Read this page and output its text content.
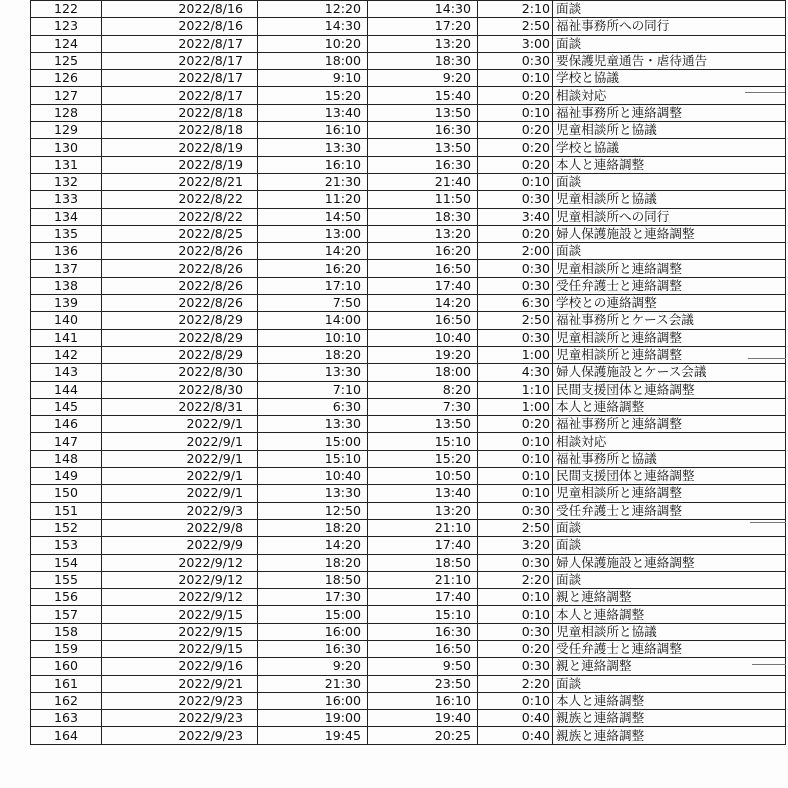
122	2022/8/16	12:20	14:30	2:10	面談
123	2022/8/16	14:30	17:20	2:50	福祉事務所への同行
124	2022/8/17	10:20	13:20	3:00	面談
125	2022/8/17	18:00	18:30	0:30	要保護児童通告・虐待通告
126	2022/8/17	9:10	9:20	0:10	学校と協議
127	2022/8/17	15:20	15:40	0:20	相談対応
128	2022/8/18	13:40	13:50	0:10	福祉事務所と連絡調整
129	2022/8/18	16:10	16:30	0:20	児童相談所と協議
130	2022/8/19	13:30	13:50	0:20	学校と協議
131	2022/8/19	16:10	16:30	0:20	本人と連絡調整
132	2022/8/21	21:30	21:40	0:10	面談
133	2022/8/22	11:20	11:50	0:30	児童相談所と協議
134	2022/8/22	14:50	18:30	3:40	児童相談所への同行
135	2022/8/25	13:00	13:20	0:20	婦人保護施設と連絡調整
136	2022/8/26	14:20	16:20	2:00	面談
137	2022/8/26	16:20	16:50	0:30	児童相談所と連絡調整
138	2022/8/26	17:10	17:40	0:30	受任弁護士と連絡調整
139	2022/8/26	7:50	14:20	6:30	学校との連絡調整
140	2022/8/29	14:00	16:50	2:50	福祉事務所とケース会議
141	2022/8/29	10:10	10:40	0:30	児童相談所と連絡調整
142	2022/8/29	18:20	19:20	1:00	児童相談所と連絡調整
143	2022/8/30	13:30	18:00	4:30	婦人保護施設とケース会議
144	2022/8/30	7:10	8:20	1:10	民間支援団体と連絡調整
145	2022/8/31	6:30	7:30	1:00	本人と連絡調整
146	2022/9/1	13:30	13:50	0:20	福祉事務所と連絡調整
147	2022/9/1	15:00	15:10	0:10	相談対応
148	2022/9/1	15:10	15:20	0:10	福祉事務所と協議
149	2022/9/1	10:40	10:50	0:10	民間支援団体と連絡調整
150	2022/9/1	13:30	13:40	0:10	児童相談所と連絡調整
151	2022/9/3	12:50	13:20	0:30	受任弁護士と連絡調整
152	2022/9/8	18:20	21:10	2:50	面談
153	2022/9/9	14:20	17:40	3:20	面談
154	2022/9/12	18:20	18:50	0:30	婦人保護施設と連絡調整
155	2022/9/12	18:50	21:10	2:20	面談
156	2022/9/12	17:30	17:40	0:10	親と連絡調整
157	2022/9/15	15:00	15:10	0:10	本人と連絡調整
158	2022/9/15	16:00	16:30	0:30	児童相談所と協議
159	2022/9/15	16:30	16:50	0:20	受任弁護士と連絡調整
160	2022/9/16	9:20	9:50	0:30	親と連絡調整
161	2022/9/21	21:30	23:50	2:20	面談
162	2022/9/23	16:00	16:10	0:10	本人と連絡調整
163	2022/9/23	19:00	19:40	0:40	親族と連絡調整
164	2022/9/23	19:45	20:25	0:40	親族と連絡調整
